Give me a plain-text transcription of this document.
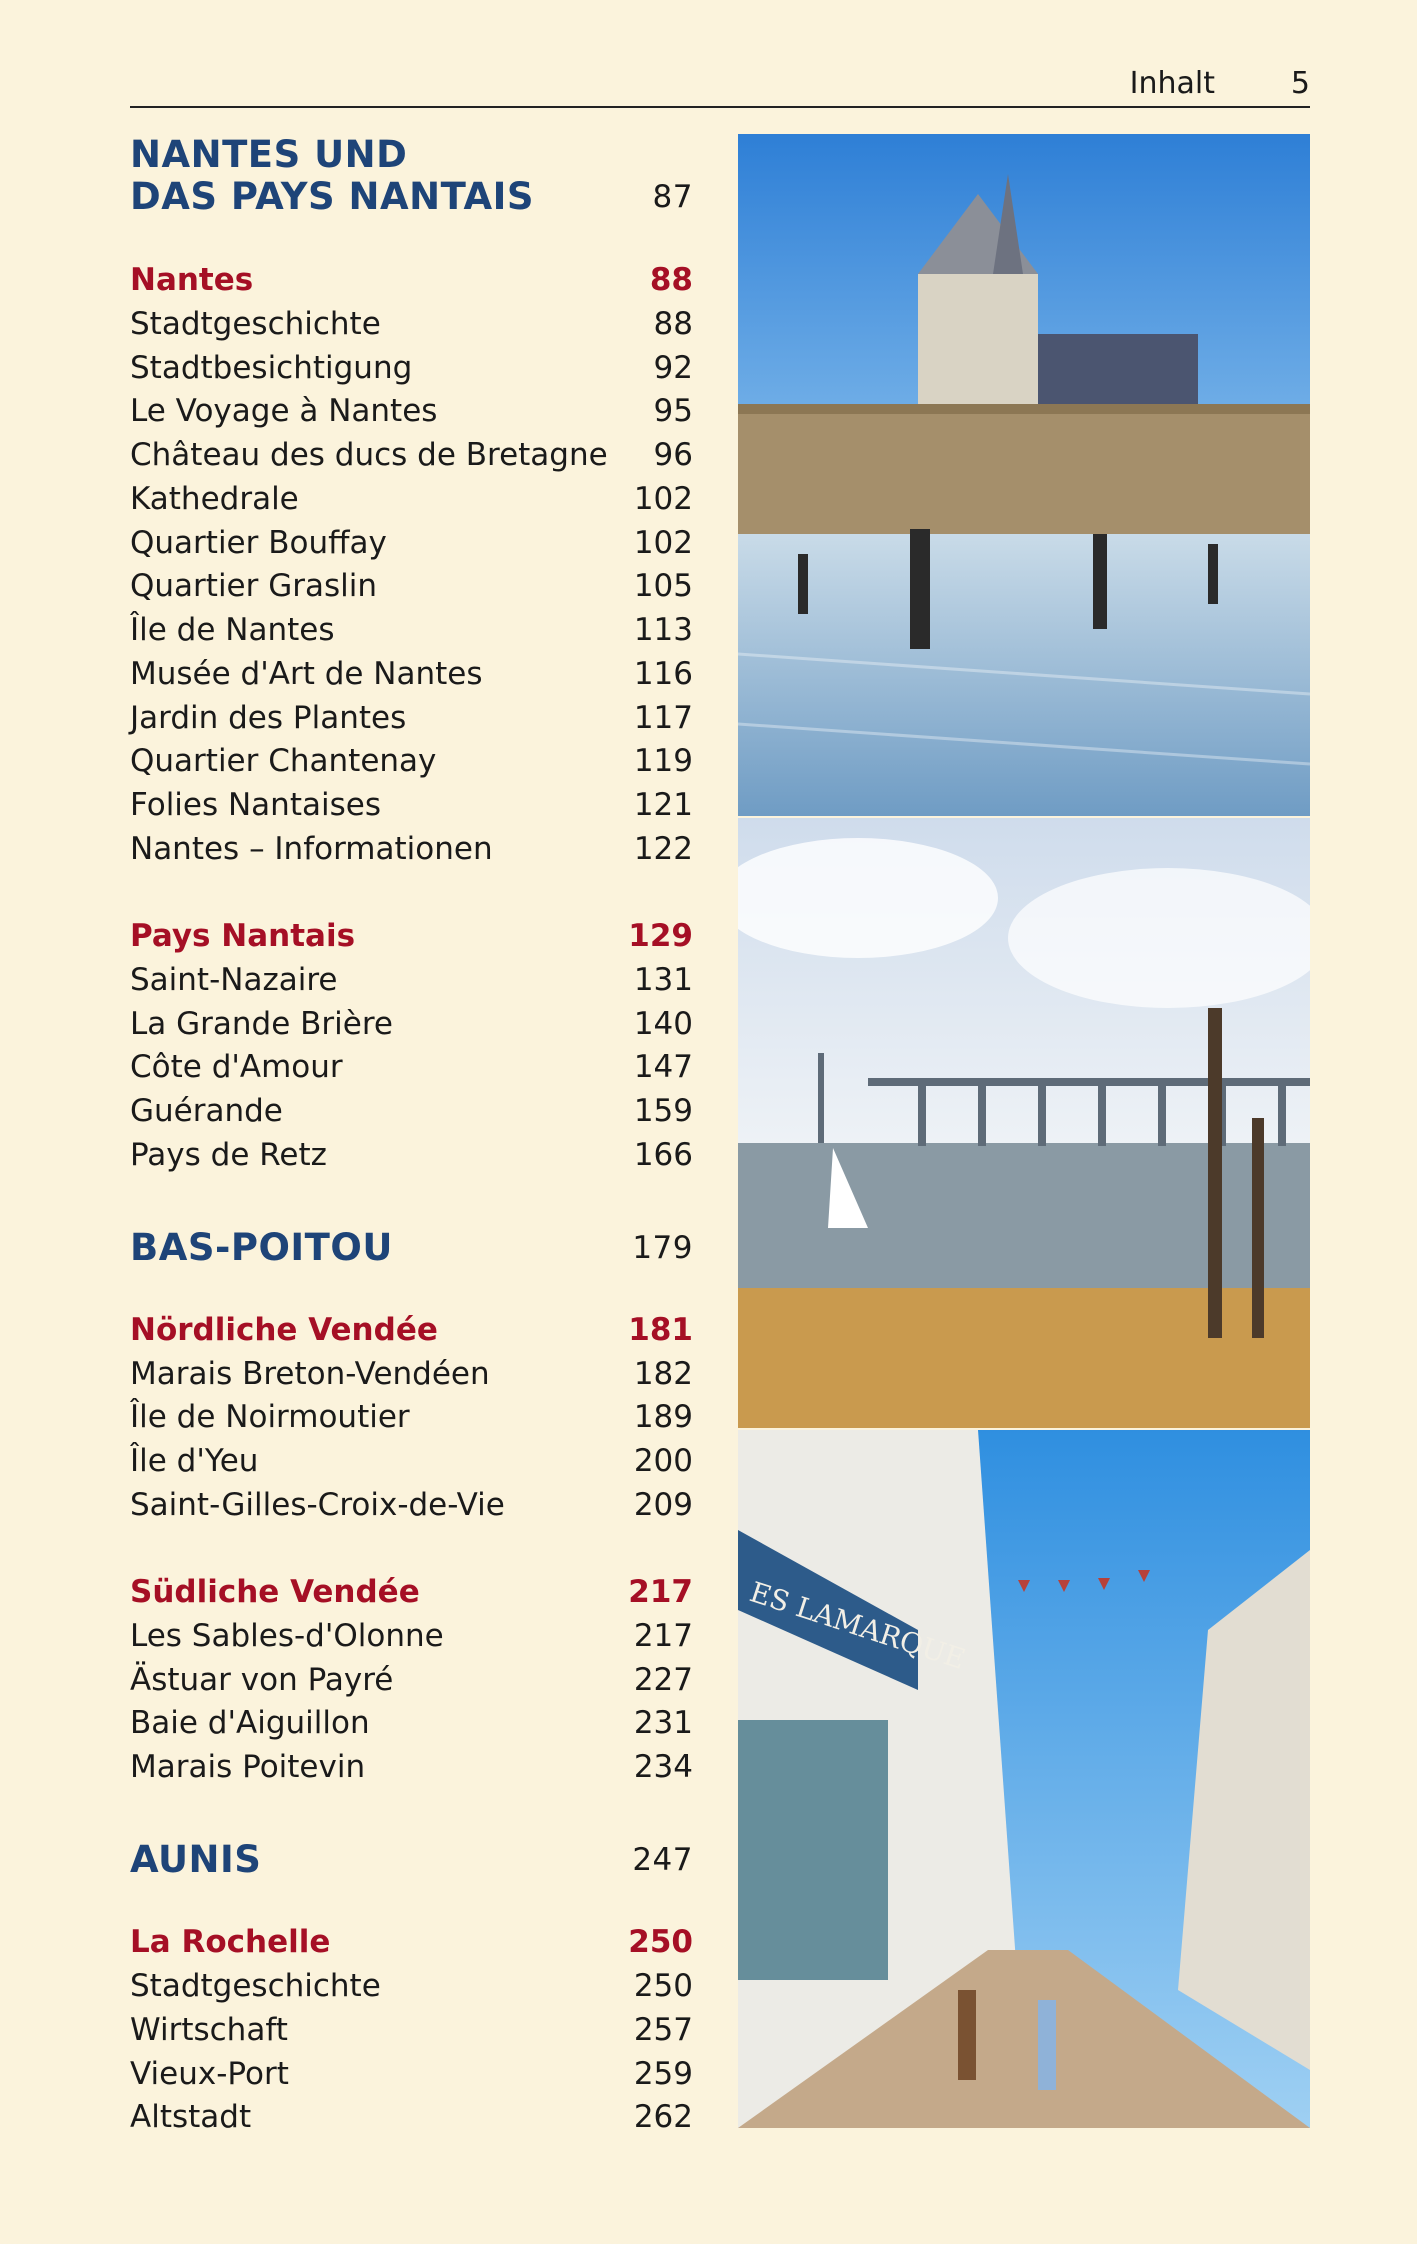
Inhalt	5
NANTES UND
DAS PAYS NANTAIS	87
Nantes	88
Stadtgeschichte	88
Stadtbesichtigung	92
Le Voyage à Nantes	95
Château des ducs de Bretagne 96
Kathedrale	102
Quartier Bouffay	102
Quartier Graslin	105
Île de Nantes	113
Musée d'Art de Nantes	116
Jardin des Plantes	117
Quartier Chantenay	119
Folies Nantaises	121
Nantes – Informationen	122
Pays Nantais	129
Saint-Nazaire	131
La Grande Brière	140
Côte d'Amour	147
Guérande	159
Pays de Retz	166
BAS-POITOU	179
Nördliche Vendée	181
Marais Breton-Vendéen	182
Île de Noirmoutier	189
Île d'Yeu	200
Saint-Gilles-Croix-de-Vie	209
Südliche Vendée	217
Les Sables-d'Olonne	217
Ästuar von Payré	227
Baie d'Aiguillon	231
Marais Poitevin	234
AUNIS	247
La Rochelle	250
Stadtgeschichte	250
Wirtschaft	257
Vieux-Port	259
Altstadt	262
ES LAMARQUE
